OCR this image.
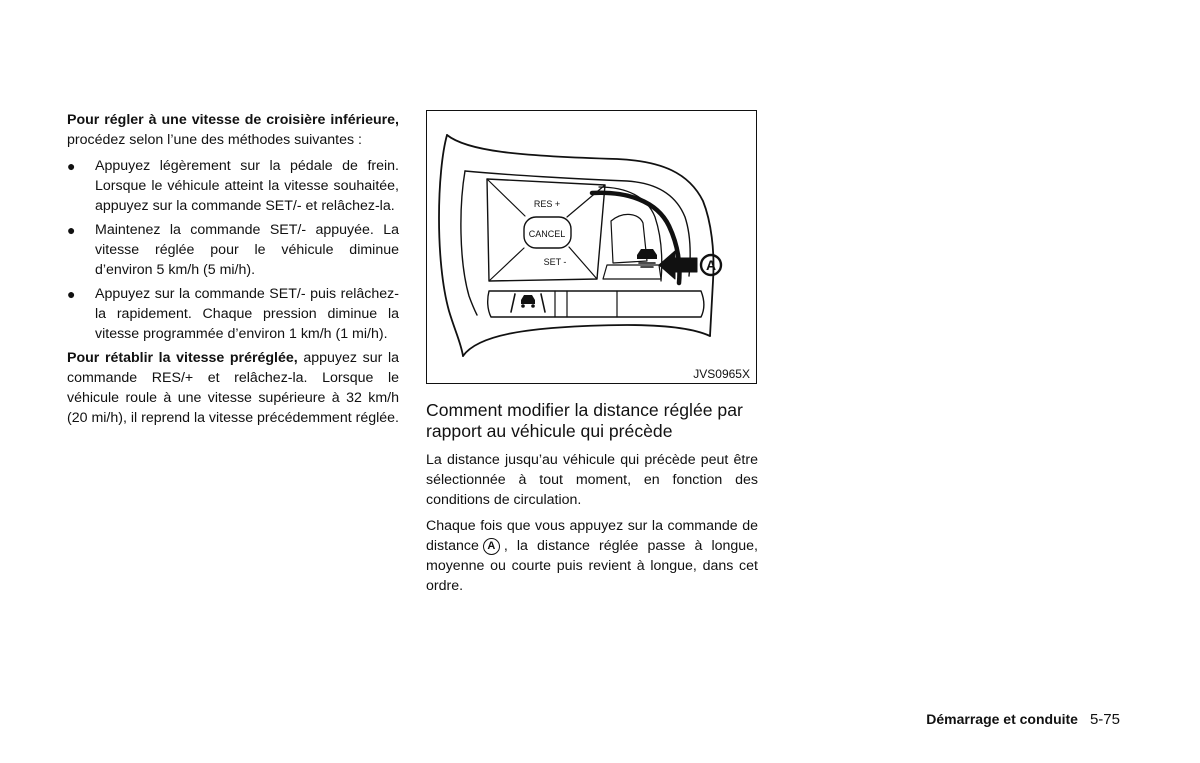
Pour régler à une vitesse de croisière inférieure, procédez selon l’une des méthodes suivantes :

● Appuyez légèrement sur la pédale de frein. Lorsque le véhicule atteint la vitesse souhaitée, appuyez sur la commande SET/- et relâchez-la.
● Maintenez la commande SET/- appuyée. La vitesse réglée pour le véhicule diminue d’environ 5 km/h (5 mi/h).
● Appuyez sur la commande SET/- puis relâchez-la rapidement. Chaque pression diminue la vitesse programmée d’environ 1 km/h (1 mi/h).

Pour rétablir la vitesse préréglée, appuyez sur la commande RES/+ et relâchez-la. Lorsque le véhicule roule à une vitesse supérieure à 32 km/h (20 mi/h), il reprend la vitesse précédemment réglée.

RES +
CANCEL
SET -	A
JVS0965X
Comment modifier la distance réglée par rapport au véhicule qui précède

La distance jusqu’au véhicule qui précède peut être sélectionnée à tout moment, en fonction des conditions de circulation.

Chaque fois que vous appuyez sur la commande de distance A , la distance réglée passe à longue, moyenne ou courte puis revient à longue, dans cet ordre.

Démarrage et conduite 5-75
